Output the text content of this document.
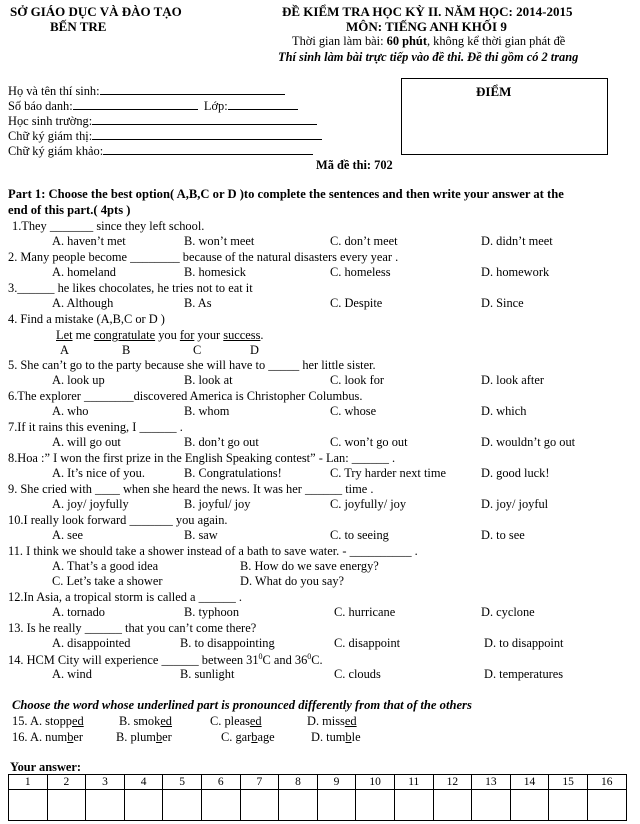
SỞ GIÁO DỤC VÀ ĐÀO TẠO
BẾN TRE
ĐỀ KIỂM TRA HỌC KỲ II. NĂM HỌC: 2014-2015
MÔN: TIẾNG ANH KHỐI 9
Thời gian làm bài: 60 phút, không kể thời gian phát đề
Thí sinh làm bài trực tiếp vào đề thi. Đề thi gồm có 2 trang
Họ và tên thí sinh:
Số báo danh:	Lớp:
Học sinh trường:
Chữ ký giám thị:
Chữ ký giám khảo:
ĐIỂM
Mã đề thi: 702
Part 1: Choose the best option( A,B,C or D )to complete the sentences and then write your answer at the
end of this part.( 4pts )
1.They _______ since they left school.
A. haven’t met	B. won’t meet	C. don’t meet	D. didn’t meet
2. Many people become ________ because of the natural disasters every year .
A. homeland	B. homesick	C. homeless	D. homework
3.______ he likes chocolates, he tries not to eat it
A. Although	B. As	C. Despite	D. Since
4. Find a mistake (A,B,C or D )
Let me congratulate you for your success.
A	B	C	D
5. She can’t go to the party because she will have to _____ her little sister.
A. look up	B. look at	C. look for	D. look after
6.The explorer ________discovered America is Christopher Columbus.
A. who	B. whom	C. whose	D. which
7.If it rains this evening, I ______ .
A. will go out	B. don’t go out	C. won’t go out	D. wouldn’t go out
8.Hoa :” I won the first prize in the English Speaking contest” - Lan: ______ .
A. It’s nice of you.	B. Congratulations!	C. Try harder next time	D. good luck!
9. She cried with ____ when she heard the news. It was her ______ time .
A. joy/ joyfully	B. joyful/ joy	C. joyfully/ joy	D. joy/ joyful
10.I really look forward _______ you again.
A. see	B. saw	C. to seeing	D. to see
11. I think we should take a shower instead of a bath to save water. - __________ .
A. That’s a good idea	B. How do we save energy?
C. Let’s take a shower	D. What do you say?
12.In Asia, a tropical storm is called a ______ .
A. tornado	B. typhoon	C. hurricane	D. cyclone
13. Is he really ______ that you can’t come there?
A. disappointed	B. to disappointing	C. disappoint	D. to disappoint
14. HCM City will experience ______ between $31^0C$ and $36^0C$.
A. wind	B. sunlight	C. clouds	D. temperatures
Choose the word whose underlined part is pronounced differently from that of the others
15. A. stopped	B. smoked	C. pleased	D. missed
16. A. number	B. plumber	C. garbage	D. tumble
Your answer:
1	2	3	4	5	6	7	8	9	10	11	12	13	14	15	16
